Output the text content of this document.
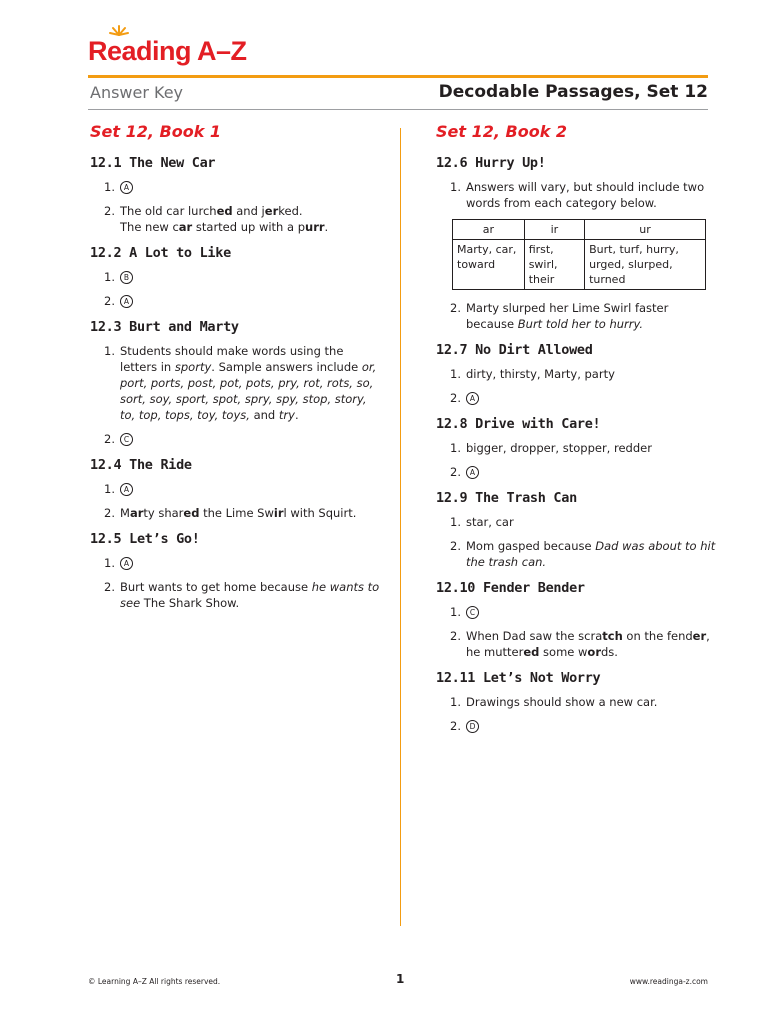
Reading A–Z
Answer Key	Decodable Passages, Set 12
Set 12, Book 1
12.1 The New Car
1.	A
2. The old car lurched and jerked.
The new car started up with a purr.
12.2 A Lot to Like
1.	B
2.	A
12.3 Burt and Marty
1. Students should make words using the letters in sporty. Sample answers include or, port, ports, post, pot, pots, pry, rot, rots, so, sort, soy, sport, spot, spry, spy, stop, story, to, top, tops, toy, toys, and try.
2.	C
12.4 The Ride
1.	A
2. Marty shared the Lime Swirl with Squirt.
12.5 Let’s Go!
1.	A
2. Burt wants to get home because he wants to see The Shark Show.
Set 12, Book 2
12.6 Hurry Up!
1. Answers will vary, but should include two words from each category below.
ar	ir	ur
Marty, car, toward	first, swirl, their	Burt, turf, hurry, urged, slurped, turned
2. Marty slurped her Lime Swirl faster because Burt told her to hurry.
12.7 No Dirt Allowed
1. dirty, thirsty, Marty, party
2.	A
12.8 Drive with Care!
1. bigger, dropper, stopper, redder
2.	A
12.9 The Trash Can
1. star, car
2. Mom gasped because Dad was about to hit the trash can.
12.10 Fender Bender
1.	C
2. When Dad saw the scratch on the fender, he muttered some words.
12.11 Let’s Not Worry
1. Drawings should show a new car.
2.	D
© Learning A–Z All rights reserved.	1	www.readinga-z.com
